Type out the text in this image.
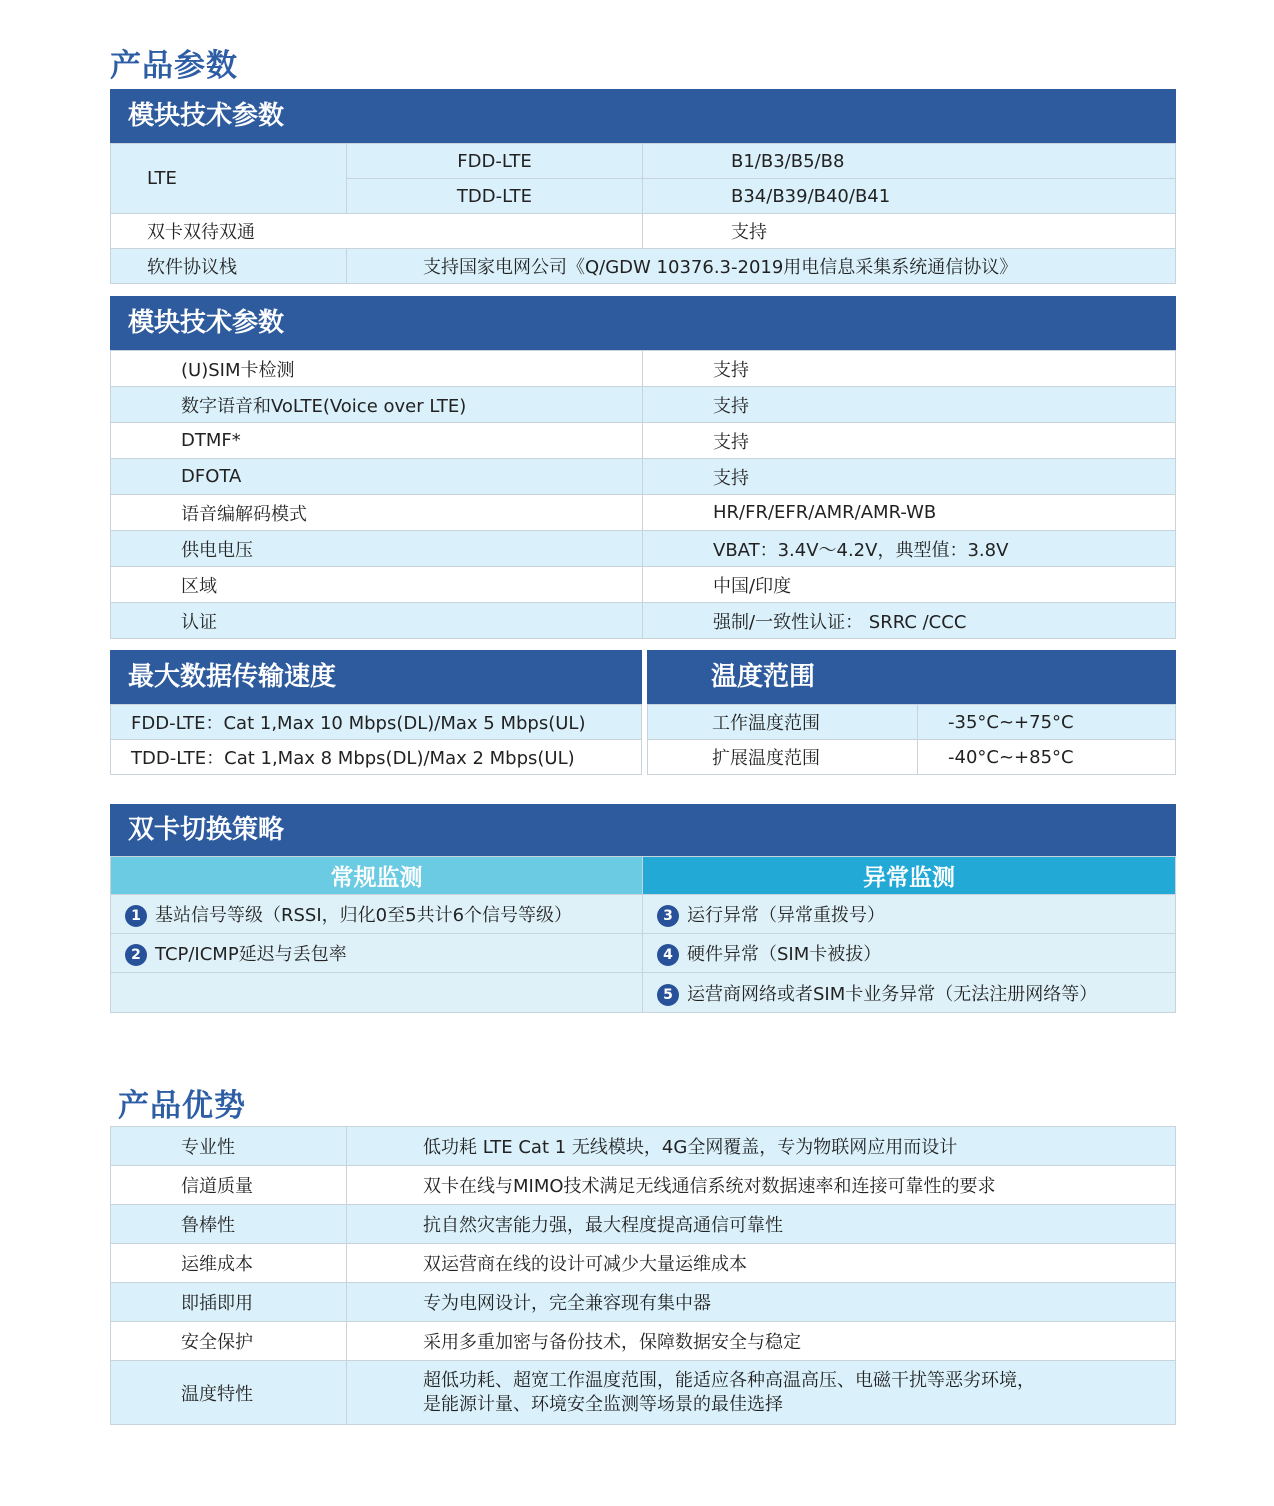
产品参数
模块技术参数
LTE	FDD-LTE	B1/B3/B5/B8
	TDD-LTE	B34/B39/B40/B41
双卡双待双通		支持
软件协议栈	支持国家电网公司《Q/GDW 10376.3-2019用电信息采集系统通信协议》	
模块技术参数
(U)SIM卡检测	支持
数字语音和VoLTE(Voice over LTE)	支持
DTMF*	支持
DFOTA	支持
语音编解码模式	HR/FR/EFR/AMR/AMR-WB
供电电压	VBAT：3.4V～4.2V，典型值：3.8V
区域	中国/印度
认证	强制/一致性认证： SRRC /CCC
最大数据传输速度
FDD-LTE：Cat 1,Max 10 Mbps(DL)/Max 5 Mbps(UL)
TDD-LTE：Cat 1,Max 8 Mbps(DL)/Max 2 Mbps(UL)
温度范围
工作温度范围	-35°C~+75°C
扩展温度范围	-40°C~+85°C
双卡切换策略
常规监测	异常监测
1 基站信号等级（RSSI，归化0至5共计6个信号等级）	3 运行异常（异常重拨号）
2 TCP/ICMP延迟与丢包率	4 硬件异常（SIM卡被拔）
	5 运营商网络或者SIM卡业务异常（无法注册网络等）
产品优势
专业性	低功耗 LTE Cat 1 无线模块，4G全网覆盖，专为物联网应用而设计
信道质量	双卡在线与MIMO技术满足无线通信系统对数据速率和连接可靠性的要求
鲁棒性	抗自然灾害能力强，最大程度提高通信可靠性
运维成本	双运营商在线的设计可减少大量运维成本
即插即用	专为电网设计，完全兼容现有集中器
安全保护	采用多重加密与备份技术，保障数据安全与稳定
温度特性	超低功耗、超宽工作温度范围，能适应各种高温高压、电磁干扰等恶劣环境，
是能源计量、环境安全监测等场景的最佳选择
